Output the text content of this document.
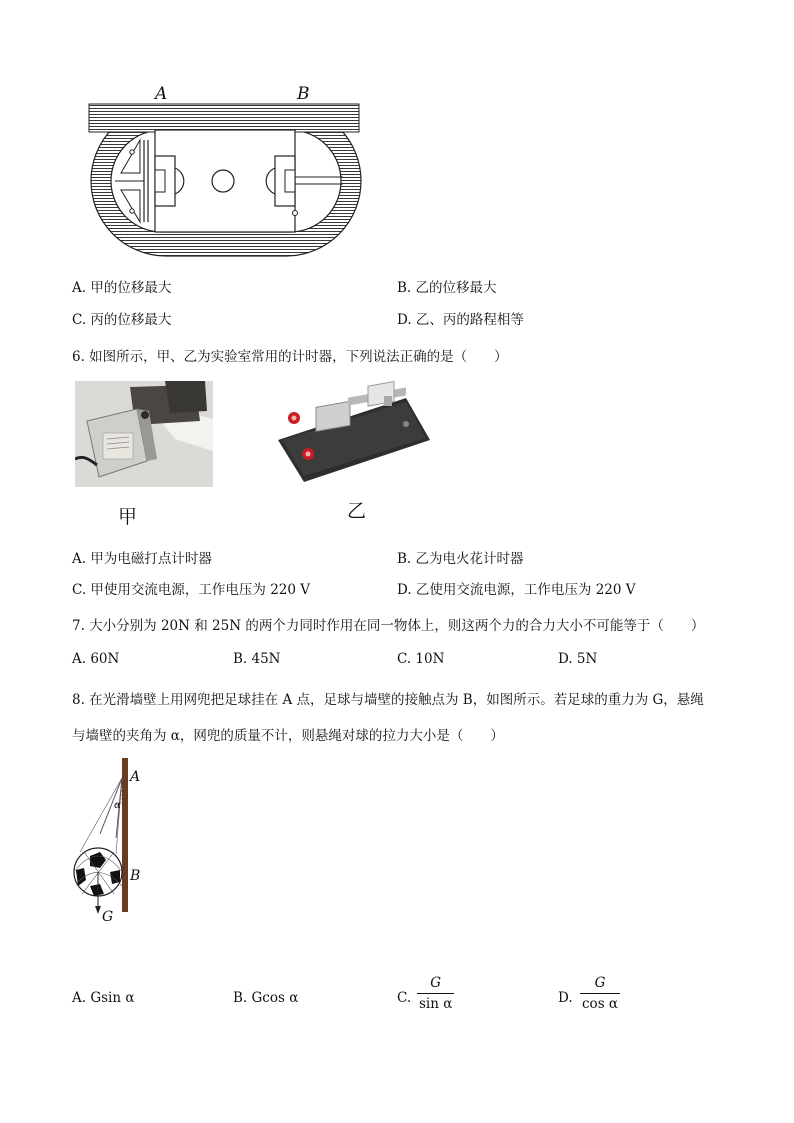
A	B
A. 甲的位移最大	B. 乙的位移最大
C. 丙的位移最大	D. 乙、丙的路程相等
6. 如图所示，甲、乙为实验室常用的计时器，下列说法正确的是（　　）
甲	乙
A. 甲为电磁打点计时器	B. 乙为电火花计时器
C. 甲使用交流电源，工作电压为 220 V	D. 乙使用交流电源，工作电压为 220 V
7. 大小分别为 20N 和 25N 的两个力同时作用在同一物体上，则这两个力的合力大小不可能等于（　　）
A. 60N	B. 45N	C. 10N	D. 5N
8. 在光滑墙壁上用网兜把足球挂在 A 点，足球与墙壁的接触点为 B，如图所示。若足球的重力为 G，悬绳
与墙壁的夹角为 α，网兜的质量不计，则悬绳对球的拉力大小是（　　）
A
α
B
G
A. Gsin α	B. Gcos α	C.
G
sin α	D.
G
cos α
